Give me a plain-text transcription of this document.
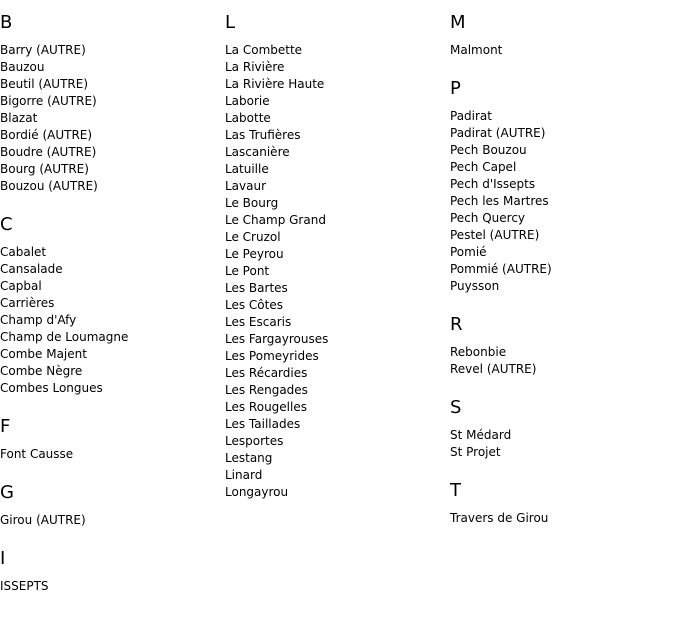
B
Barry (AUTRE)
Bauzou
Beutil (AUTRE)
Bigorre (AUTRE)
Blazat
Bordié (AUTRE)
Boudre (AUTRE)
Bourg (AUTRE)
Bouzou (AUTRE)
C
Cabalet
Cansalade
Capbal
Carrières
Champ d'Afy
Champ de Loumagne
Combe Majent
Combe Nègre
Combes Longues
F
Font Causse
G
Girou (AUTRE)
I
ISSEPTS
L
La Combette
La Rivière
La Rivière Haute
Laborie
Labotte
Las Trufières
Lascanière
Latuille
Lavaur
Le Bourg
Le Champ Grand
Le Cruzol
Le Peyrou
Le Pont
Les Bartes
Les Côtes
Les Escaris
Les Fargayrouses
Les Pomeyrides
Les Récardies
Les Rengades
Les Rougelles
Les Taillades
Lesportes
Lestang
Linard
Longayrou
M
Malmont
P
Padirat
Padirat (AUTRE)
Pech Bouzou
Pech Capel
Pech d'Issepts
Pech les Martres
Pech Quercy
Pestel (AUTRE)
Pomié
Pommié (AUTRE)
Puysson
R
Rebonbie
Revel (AUTRE)
S
St Médard
St Projet
T
Travers de Girou
